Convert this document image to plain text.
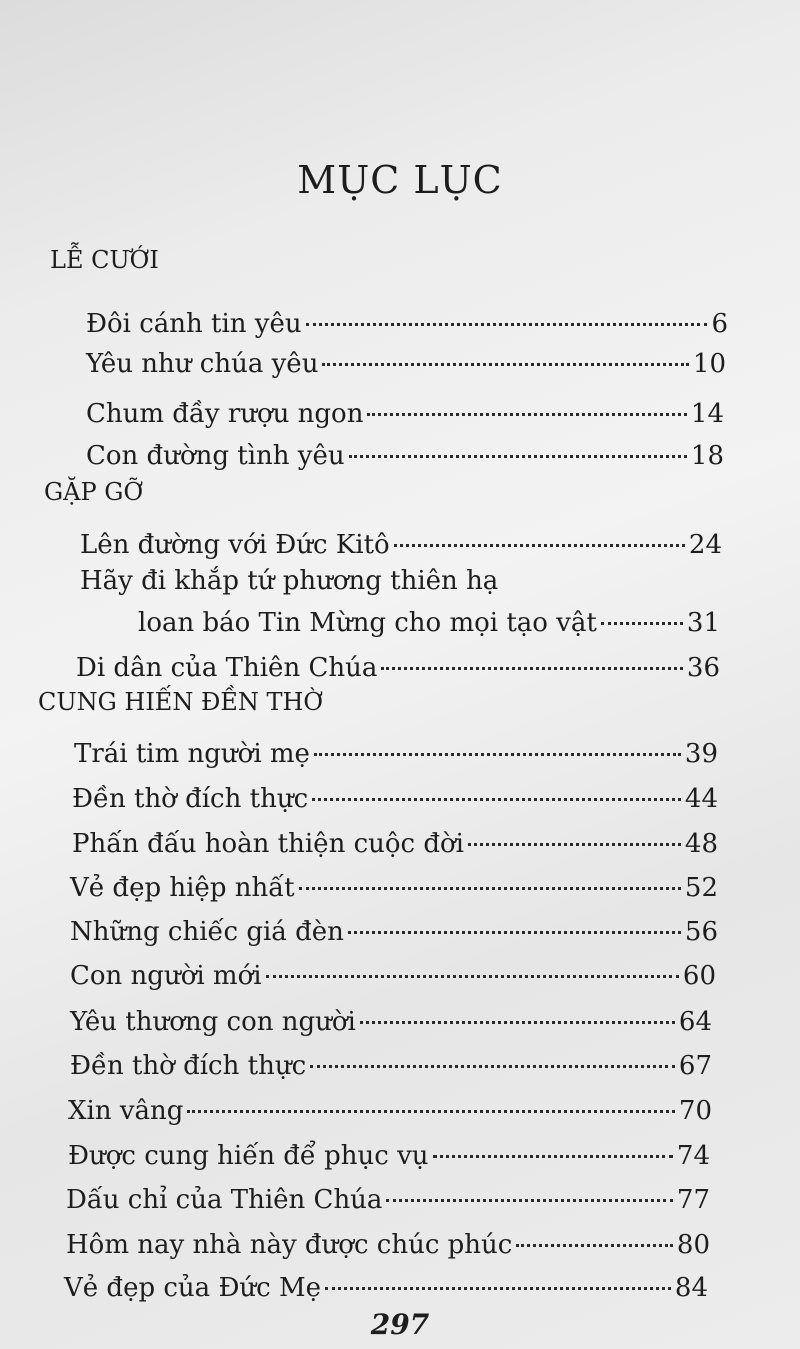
MỤC LỤC
LỄ CƯỚI
Đôi cánh tin yêu	6
Yêu như chúa yêu	10
Chum đầy rượu ngon	14
Con đường tình yêu	18
GẶP GỠ
Lên đường với Đức Kitô	24
Hãy đi khắp tứ phương thiên hạ
loan báo Tin Mừng cho mọi tạo vật	31
Di dân của Thiên Chúa	36
CUNG HIẾN ĐỀN THỜ
Trái tim người mẹ	39
Đền thờ đích thực	44
Phấn đấu hoàn thiện cuộc đời	48
Vẻ đẹp hiệp nhất	52
Những chiếc giá đèn	56
Con người mới	60
Yêu thương con người	64
Đền thờ đích thực	67
Xin vâng	70
Được cung hiến để phục vụ	74
Dấu chỉ của Thiên Chúa	77
Hôm nay nhà này được chúc phúc	80
Vẻ đẹp của Đức Mẹ	84
297
